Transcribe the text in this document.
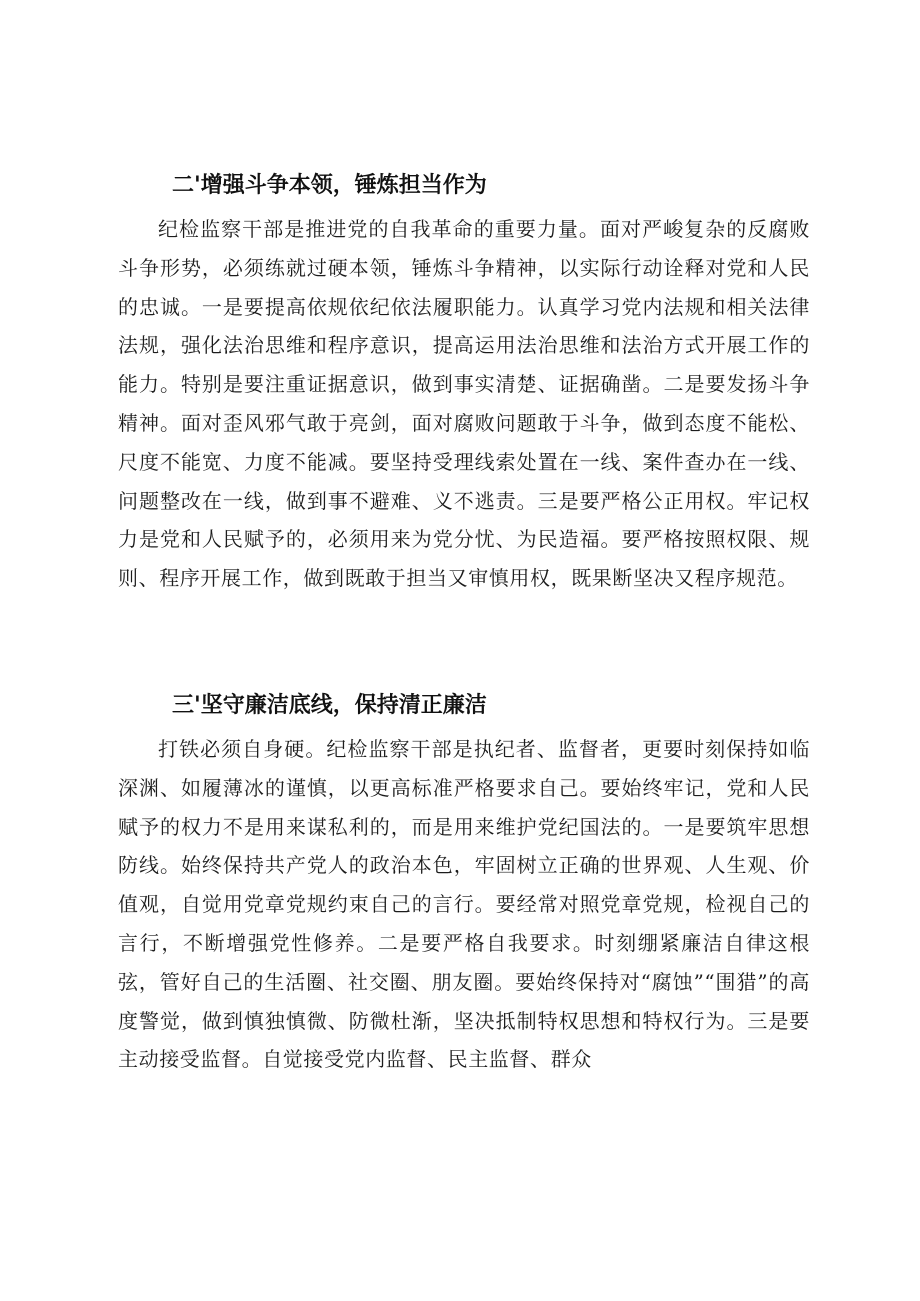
二'增强斗争本领，锤炼担当作为
纪检监察干部是推进党的自我革命的重要力量。面对严峻复杂的反腐败斗争形势，必须练就过硬本领，锤炼斗争精神，以实际行动诠释对党和人民的忠诚。一是要提高依规依纪依法履职能力。认真学习党内法规和相关法律法规，强化法治思维和程序意识，提高运用法治思维和法治方式开展工作的能力。特别是要注重证据意识，做到事实清楚、证据确凿。二是要发扬斗争精神。面对歪风邪气敢于亮剑，面对腐败问题敢于斗争，做到态度不能松、尺度不能宽、力度不能减。要坚持受理线索处置在一线、案件查办在一线、问题整改在一线，做到事不避难、义不逃责。三是要严格公正用权。牢记权力是党和人民赋予的，必须用来为党分忧、为民造福。要严格按照权限、规则、程序开展工作，做到既敢于担当又审慎用权，既果断坚决又程序规范。
三'坚守廉洁底线，保持清正廉洁
打铁必须自身硬。纪检监察干部是执纪者、监督者，更要时刻保持如临深渊、如履薄冰的谨慎，以更高标准严格要求自己。要始终牢记，党和人民赋予的权力不是用来谋私利的，而是用来维护党纪国法的。一是要筑牢思想防线。始终保持共产党人的政治本色，牢固树立正确的世界观、人生观、价值观，自觉用党章党规约束自己的言行。要经常对照党章党规，检视自己的言行，不断增强党性修养。二是要严格自我要求。时刻绷紧廉洁自律这根弦，管好自己的生活圈、社交圈、朋友圈。要始终保持对“腐蚀”“围猎”的高度警觉，做到慎独慎微、防微杜渐，坚决抵制特权思想和特权行为。三是要主动接受监督。自觉接受党内监督、民主监督、群众
